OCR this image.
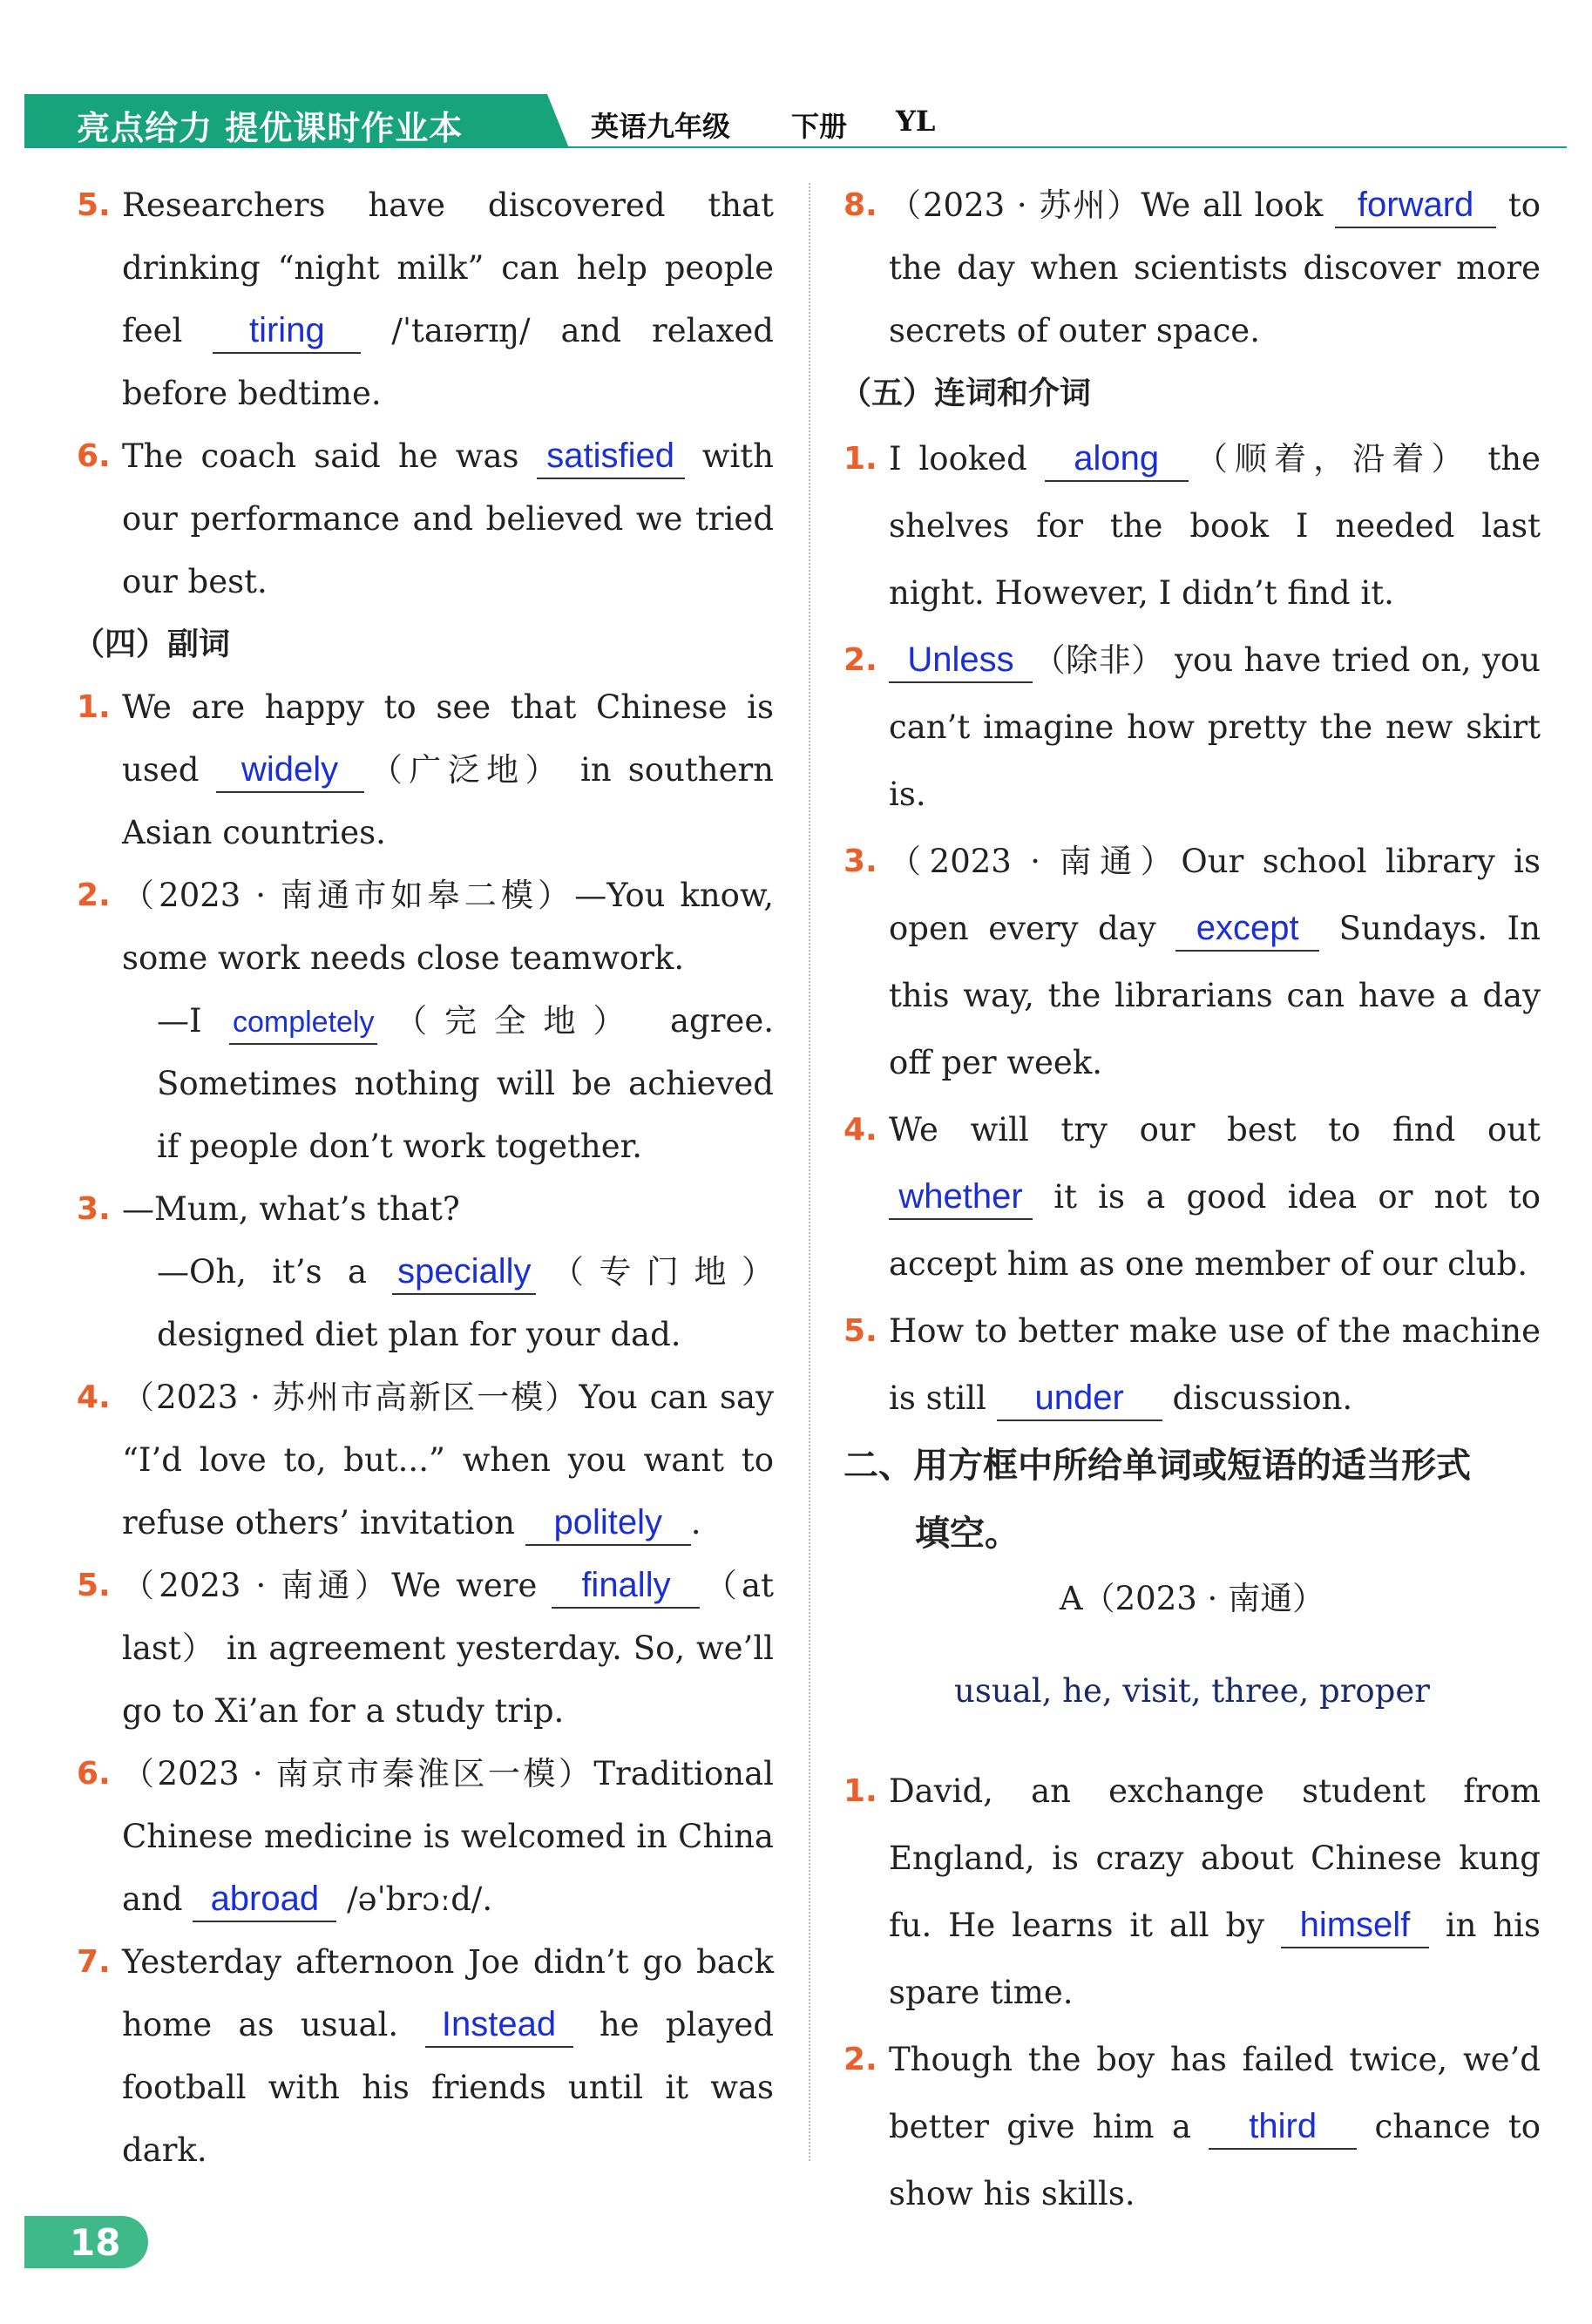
亮点给力 提优课时作业本	英语九年级 下册 YL
5. Researchers have discovered that drinking “night milk” can help people feel tiring /ˈtaɪərɪŋ/ and relaxed before bedtime.
6. The coach said he was satisfied with our performance and believed we tried our best.
（四）副词
1. We are happy to see that Chinese is used widely （广泛地） in southern Asian countries.
2. （2023 · 南通市如皋二模）—You know, some work needs close teamwork.
—I completely （完全地） agree. Sometimes nothing will be achieved if people don’t work together.
3. —Mum, what’s that?
—Oh, it’s a specially （专门地） designed diet plan for your dad.
4. （2023 · 苏州市高新区一模）You can say “I’d love to, but...” when you want to refuse others’ invitation politely .
5. （2023 · 南通）We were finally （at last） in agreement yesterday. So, we’ll go to Xi’an for a study trip.
6. （2023 · 南京市秦淮区一模）Traditional Chinese medicine is welcomed in China and abroad /əˈbrɔːd/.
7. Yesterday afternoon Joe didn’t go back home as usual. Instead he played football with his friends until it was dark.
8. （2023 · 苏州）We all look forward to the day when scientists discover more secrets of outer space.
（五）连词和介词
1. I looked along （顺着，沿着） the shelves for the book I needed last night. However, I didn’t find it.
2. Unless （除非） you have tried on, you can’t imagine how pretty the new skirt is.
3. （2023 · 南通）Our school library is open every day except Sundays. In this way, the librarians can have a day off per week.
4. We will try our best to find out whether it is a good idea or not to accept him as one member of our club.
5. How to better make use of the machine is still under discussion.
二、用方框中所给单词或短语的适当形式
填空。
A（2023 · 南通）
usual, he, visit, three, proper
1. David, an exchange student from England, is crazy about Chinese kung fu. He learns it all by himself in his spare time.
2. Though the boy has failed twice, we’d better give him a third chance to show his skills.
18
